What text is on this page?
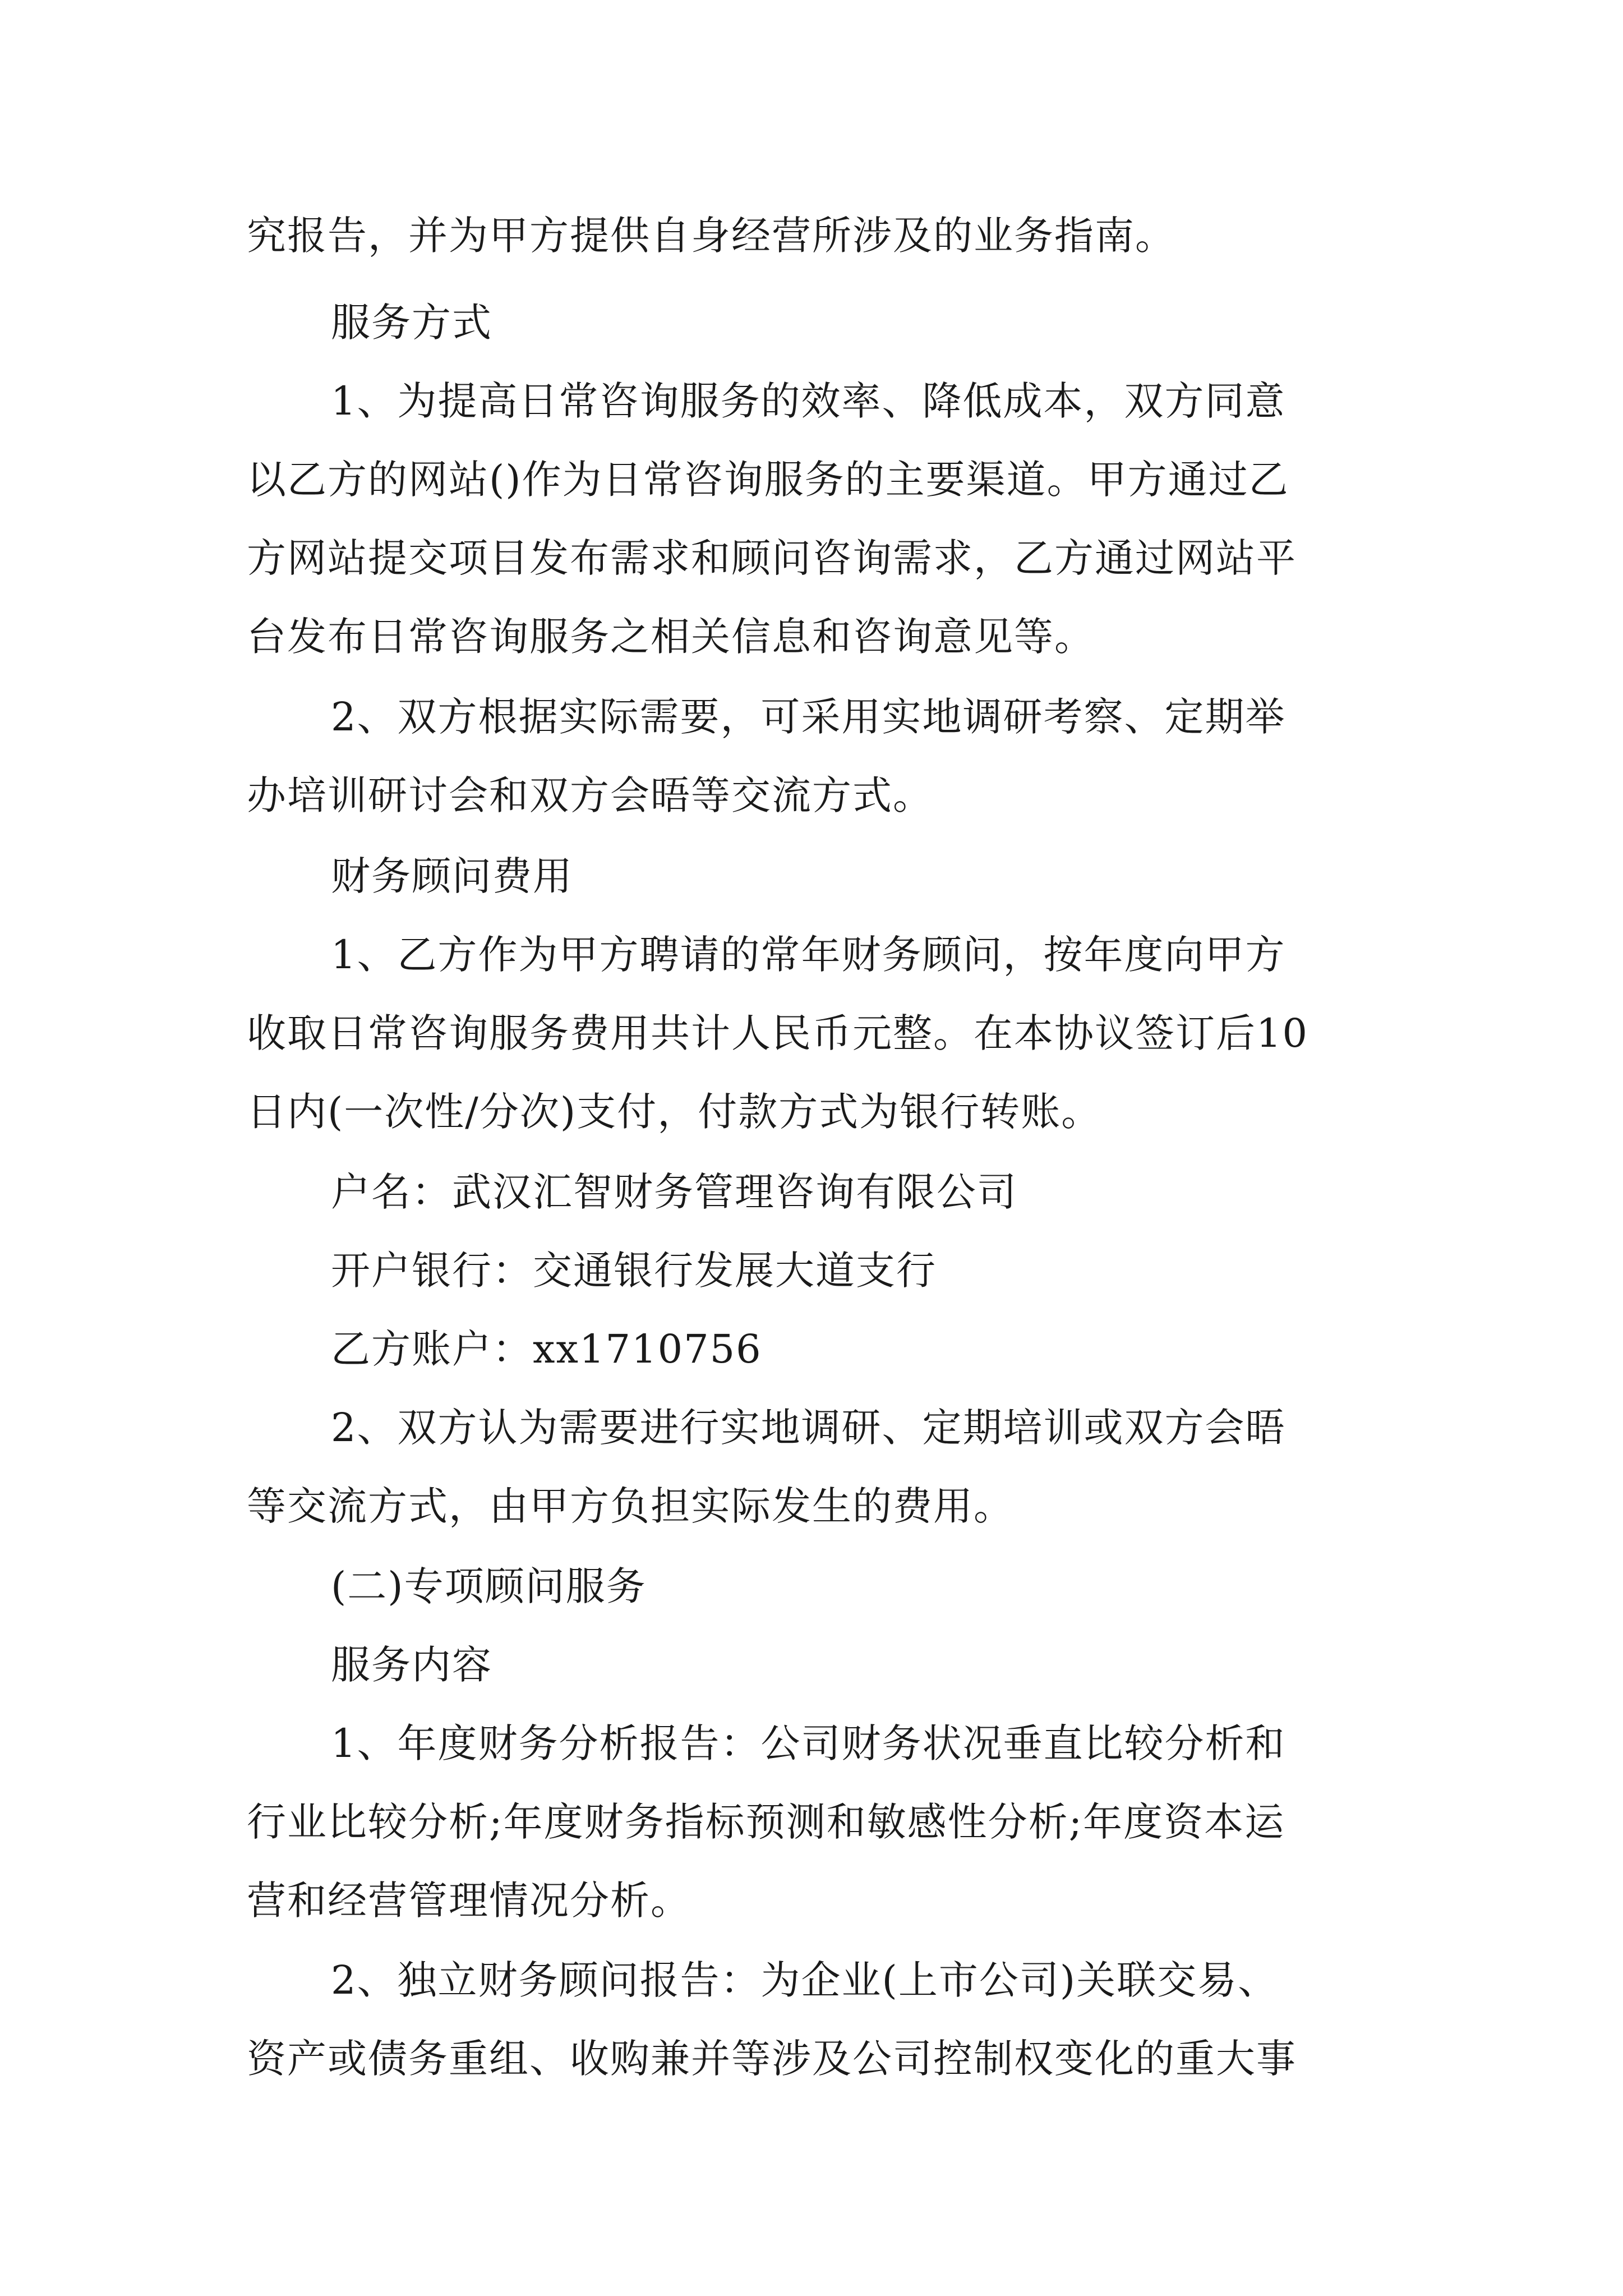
究报告，并为甲方提供自身经营所涉及的业务指南。
服务方式
1、为提高日常咨询服务的效率、降低成本，双方同意
以乙方的网站()作为日常咨询服务的主要渠道。甲方通过乙
方网站提交项目发布需求和顾问咨询需求，乙方通过网站平
台发布日常咨询服务之相关信息和咨询意见等。
2、双方根据实际需要，可采用实地调研考察、定期举
办培训研讨会和双方会晤等交流方式。
财务顾问费用
1、乙方作为甲方聘请的常年财务顾问，按年度向甲方
收取日常咨询服务费用共计人民币元整。在本协议签订后10
日内(一次性/分次)支付，付款方式为银行转账。
户名：武汉汇智财务管理咨询有限公司
开户银行：交通银行发展大道支行
乙方账户：xx1710756
2、双方认为需要进行实地调研、定期培训或双方会晤
等交流方式，由甲方负担实际发生的费用。
(二)专项顾问服务
服务内容
1、年度财务分析报告：公司财务状况垂直比较分析和
行业比较分析;年度财务指标预测和敏感性分析;年度资本运
营和经营管理情况分析。
2、独立财务顾问报告：为企业(上市公司)关联交易、
资产或债务重组、收购兼并等涉及公司控制权变化的重大事
